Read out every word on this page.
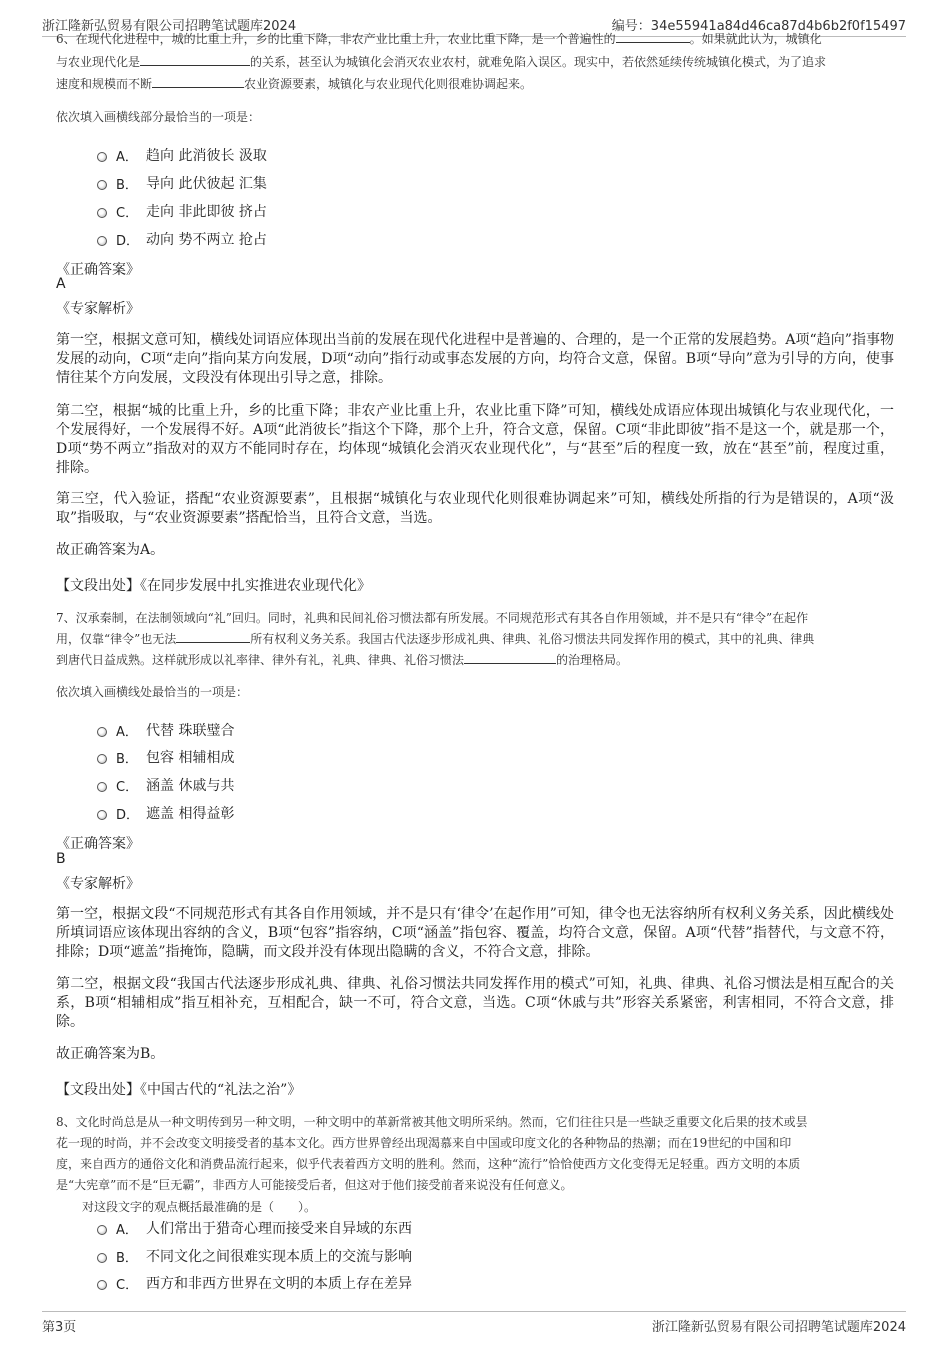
浙江隆新弘贸易有限公司招聘笔试题库2024	编号：34e55941a84d46ca87d4b6b2f0f15497
6、在现代化进程中，城的比重上升，乡的比重下降，非农产业比重上升，农业比重下降，是一个普遍性的	。如果就此认为，城镇化
与农业现代化是	的关系，甚至认为城镇化会消灭农业农村，就难免陷入误区。现实中，若依然延续传统城镇化模式，为了追求
速度和规模而不断	农业资源要素，城镇化与农业现代化则很难协调起来。
依次填入画横线部分最恰当的一项是：
A． 趋向 此消彼长 汲取
B． 导向 此伏彼起 汇集
C． 走向 非此即彼 挤占
D． 动向 势不两立 抢占
《正确答案》
A
《专家解析》
第一空，根据文意可知，横线处词语应体现出当前的发展在现代化进程中是普遍的、合理的，是一个正常的发展趋势。A项“趋向”指事物发展的动向，C项“走向”指向某方向发展，D项“动向”指行动或事态发展的方向，均符合文意，保留。B项“导向”意为引导的方向，使事情往某个方向发展，文段没有体现出引导之意，排除。
第二空，根据“城的比重上升，乡的比重下降；非农产业比重上升，农业比重下降”可知，横线处成语应体现出城镇化与农业现代化，一个发展得好，一个发展得不好。A项“此消彼长”指这个下降，那个上升，符合文意，保留。C项“非此即彼”指不是这一个，就是那一个，D项“势不两立”指敌对的双方不能同时存在，均体现“城镇化会消灭农业现代化”，与“甚至”后的程度一致，放在“甚至”前，程度过重，排除。
第三空，代入验证，搭配“农业资源要素”，且根据“城镇化与农业现代化则很难协调起来”可知，横线处所指的行为是错误的，A项“汲取”指吸取，与“农业资源要素”搭配恰当，且符合文意，当选。
故正确答案为A。
【文段出处】《在同步发展中扎实推进农业现代化》
7、汉承秦制，在法制领域向“礼”回归。同时，礼典和民间礼俗习惯法都有所发展。不同规范形式有其各自作用领域，并不是只有“律令”在起作
用，仅靠“律令”也无法	所有权利义务关系。我国古代法逐步形成礼典、律典、礼俗习惯法共同发挥作用的模式，其中的礼典、律典
到唐代日益成熟。这样就形成以礼率律、律外有礼，礼典、律典、礼俗习惯法	的治理格局。
依次填入画横线处最恰当的一项是：
A． 代替 珠联璧合
B． 包容 相辅相成
C． 涵盖 休戚与共
D． 遮盖 相得益彰
《正确答案》
B
《专家解析》
第一空，根据文段“不同规范形式有其各自作用领域，并不是只有‘律令’在起作用”可知，律令也无法容纳所有权利义务关系，因此横线处所填词语应该体现出容纳的含义，B项“包容”指容纳，C项“涵盖”指包容、覆盖，均符合文意，保留。A项“代替”指替代，与文意不符，排除；D项“遮盖”指掩饰，隐瞒，而文段并没有体现出隐瞒的含义，不符合文意，排除。
第二空，根据文段“我国古代法逐步形成礼典、律典、礼俗习惯法共同发挥作用的模式”可知，礼典、律典、礼俗习惯法是相互配合的关系，B项“相辅相成”指互相补充，互相配合，缺一不可，符合文意，当选。C项“休戚与共”形容关系紧密，利害相同，不符合文意，排除。
故正确答案为B。
【文段出处】《中国古代的“礼法之治”》
8、文化时尚总是从一种文明传到另一种文明，一种文明中的革新常被其他文明所采纳。然而，它们往往只是一些缺乏重要文化后果的技术或昙
花一现的时尚，并不会改变文明接受者的基本文化。西方世界曾经出现渴慕来自中国或印度文化的各种物品的热潮；而在19世纪的中国和印
度，来自西方的通俗文化和消费品流行起来，似乎代表着西方文明的胜利。然而，这种“流行”恰恰使西方文化变得无足轻重。西方文明的本质
是“大宪章”而不是“巨无霸”，非西方人可能接受后者，但这对于他们接受前者来说没有任何意义。
对这段文字的观点概括最准确的是（　　）。
A． 人们常出于猎奇心理而接受来自异域的东西
B． 不同文化之间很难实现本质上的交流与影响
C． 西方和非西方世界在文明的本质上存在差异
第3页	浙江隆新弘贸易有限公司招聘笔试题库2024
